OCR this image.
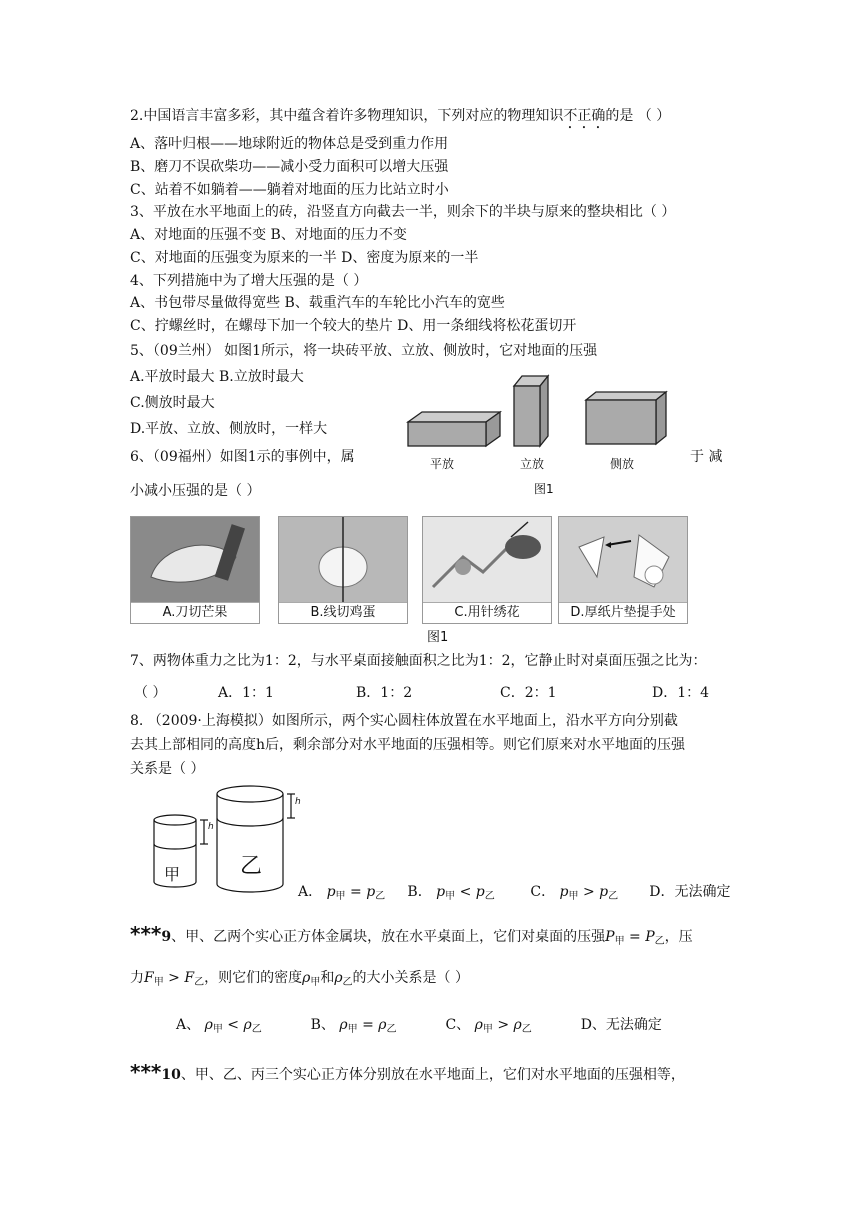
2.中国语言丰富多彩，其中蕴含着许多物理知识，下列对应的物理知识不正确的是 （ ）
A、落叶归根——地球附近的物体总是受到重力作用
B、磨刀不误砍柴功——减小受力面积可以增大压强
C、站着不如躺着——躺着对地面的压力比站立时小
3、平放在水平地面上的砖，沿竖直方向截去一半，则余下的半块与原来的整块相比（ ）
A、对地面的压强不变 B、对地面的压力不变
C、对地面的压强变为原来的一半 D、密度为原来的一半
4、下列措施中为了增大压强的是（ ）
A、书包带尽量做得宽些 B、载重汽车的车轮比小汽车的宽些
C、拧螺丝时，在螺母下加一个较大的垫片 D、用一条细线将松花蛋切开
5、（09兰州） 如图1所示，将一块砖平放、立放、侧放时，它对地面的压强
A.平放时最大 B.立放时最大
C.侧放时最大
D.平放、立放、侧放时，一样大
平放	立放	侧放
图1
6、（09福州）如图1示的事例中，属	于 减
小减小压强的是（ ）
A.刀切芒果	B.线切鸡蛋	C.用针绣花	D.厚纸片垫提手处
图1
7、两物体重力之比为1：2，与水平桌面接触面积之比为1：2，它静止时对桌面压强之比为：
（ ）	A．1：1	B．1：2	C．2：1	D．1：4
8. （2009·上海模拟）如图所示，两个实心圆柱体放置在水平地面上，沿水平方向分别截
去其上部相同的高度h后，剩余部分对水平地面的压强相等。则它们原来对水平地面的压强
关系是（ ）
甲	乙
h
h
A． $p_甲 = p_乙$ B． $p_甲 < p_乙$	C． $p_甲 > p_乙$ D．无法确定
***9、甲、乙两个实心正方体金属块，放在水平桌面上，它们对桌面的压强$P_甲 = P_乙$，压
力$F_甲 > F_乙$，则它们的密度$\rho_甲$和$\rho_乙$的大小关系是（ ）
A、 $\rho_甲 < \rho_乙$	B、 $\rho_甲 = \rho_乙$	C、 $\rho_甲 > \rho_乙$	D、无法确定
***10、甲、乙、丙三个实心正方体分别放在水平地面上，它们对水平地面的压强相等，
